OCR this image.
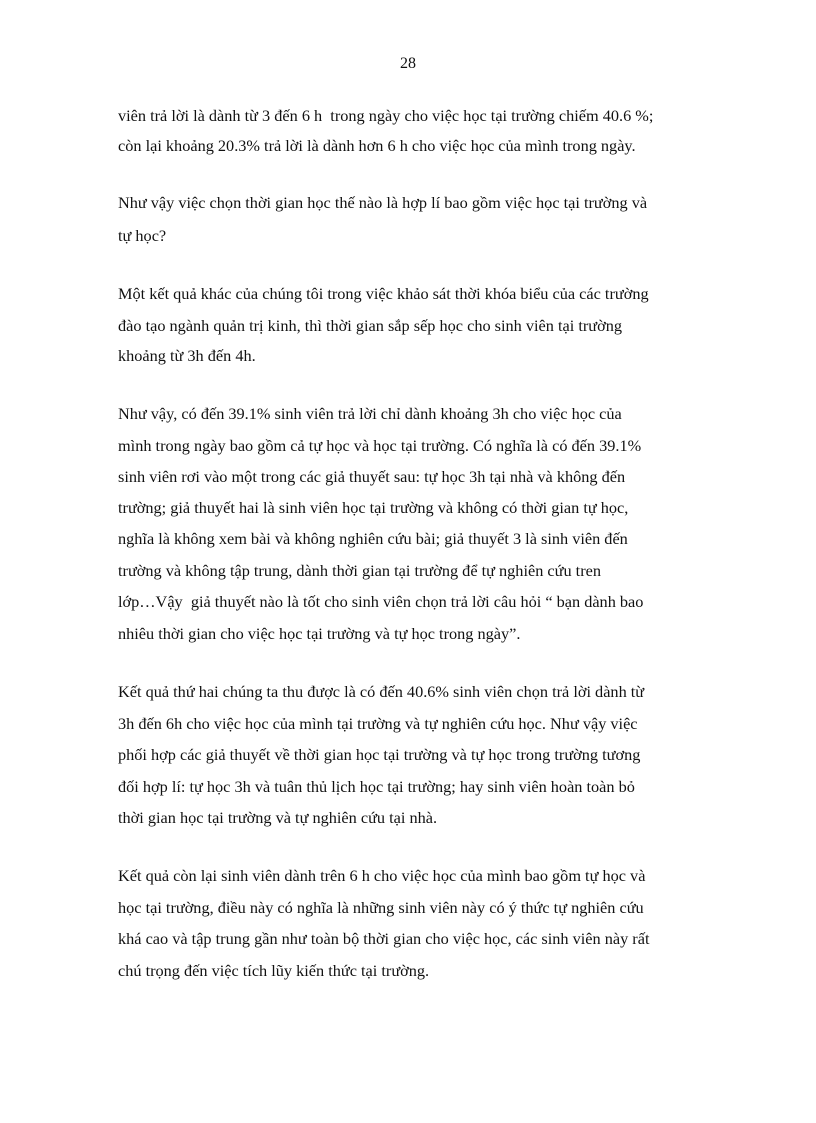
28
viên trả lời là dành từ 3 đến 6 h  trong ngày cho việc học tại trường chiếm 40.6 %;
còn lại khoảng 20.3% trả lời là dành hơn 6 h cho việc học của mình trong ngày.
Như vậy việc chọn thời gian học thế nào là hợp lí bao gồm việc học tại trường và
tự học?
Một kết quả khác của chúng tôi trong việc khảo sát thời khóa biểu của các trường
đào tạo ngành quản trị kinh, thì thời gian sắp sếp học cho sinh viên tại trường
khoảng từ 3h đến 4h.
Như vậy, có đến 39.1% sinh viên trả lời chỉ dành khoảng 3h cho việc học của
mình trong ngày bao gồm cả tự học và học tại trường. Có nghĩa là có đến 39.1%
sinh viên rơi vào một trong các giả thuyết sau: tự học 3h tại nhà và không đến
trường; giả thuyết hai là sinh viên học tại trường và không có thời gian tự học,
nghĩa là không xem bài và không nghiên cứu bài; giả thuyết 3 là sinh viên đến
trường và không tập trung, dành thời gian tại trường để tự nghiên cứu tren
lớp…Vậy  giả thuyết nào là tốt cho sinh viên chọn trả lời câu hỏi “ bạn dành bao
nhiêu thời gian cho việc học tại trường và tự học trong ngày”.
Kết quả thứ hai chúng ta thu được là có đến 40.6% sinh viên chọn trả lời dành từ
3h đến 6h cho việc học của mình tại trường và tự nghiên cứu học. Như vậy việc
phối hợp các giả thuyết về thời gian học tại trường và tự học trong trường tương
đối hợp lí: tự học 3h và tuân thủ lịch học tại trường; hay sinh viên hoàn toàn bỏ
thời gian học tại trường và tự nghiên cứu tại nhà.
Kết quả còn lại sinh viên dành trên 6 h cho việc học của mình bao gồm tự học và
học tại trường, điều này có nghĩa là những sinh viên này có ý thức tự nghiên cứu
khá cao và tập trung gần như toàn bộ thời gian cho việc học, các sinh viên này rất
chú trọng đến việc tích lũy kiến thức tại trường.
